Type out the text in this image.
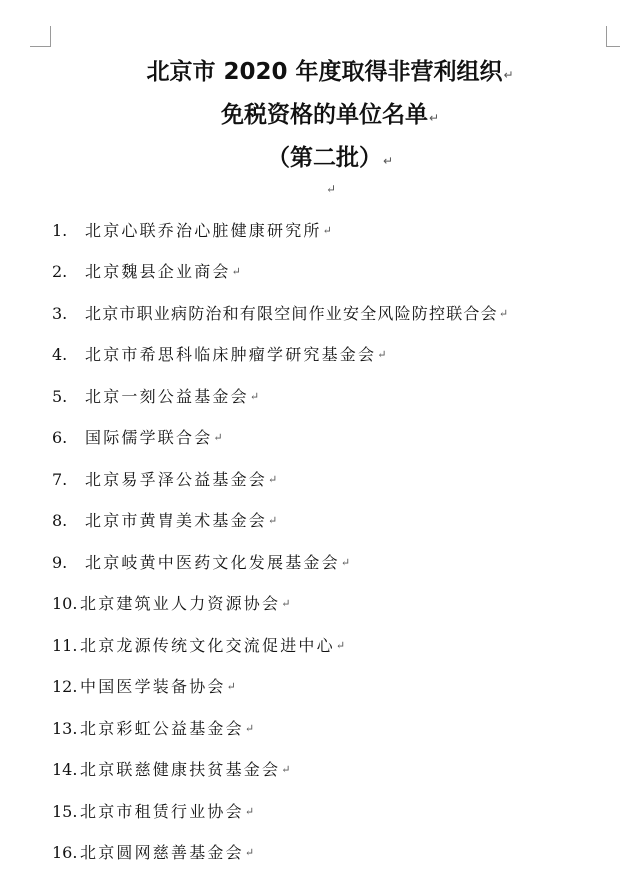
北京市 2020 年度取得非营利组织↵
免税资格的单位名单↵
（第二批）↵
↵
1.	北京心联乔治心脏健康研究所 ↵
2.	北京魏县企业商会 ↵
3.	北京市职业病防治和有限空间作业安全风险防控联合会 ↵
4.	北京市希思科临床肿瘤学研究基金会 ↵
5.	北京一刻公益基金会 ↵
6.	国际儒学联合会 ↵
7.	北京易孚泽公益基金会 ↵
8.	北京市黄胄美术基金会 ↵
9.	北京岐黄中医药文化发展基金会 ↵
10. 北京建筑业人力资源协会 ↵
11. 北京龙源传统文化交流促进中心 ↵
12. 中国医学装备协会 ↵
13. 北京彩虹公益基金会 ↵
14. 北京联慈健康扶贫基金会 ↵
15. 北京市租赁行业协会 ↵
16. 北京圆网慈善基金会 ↵
